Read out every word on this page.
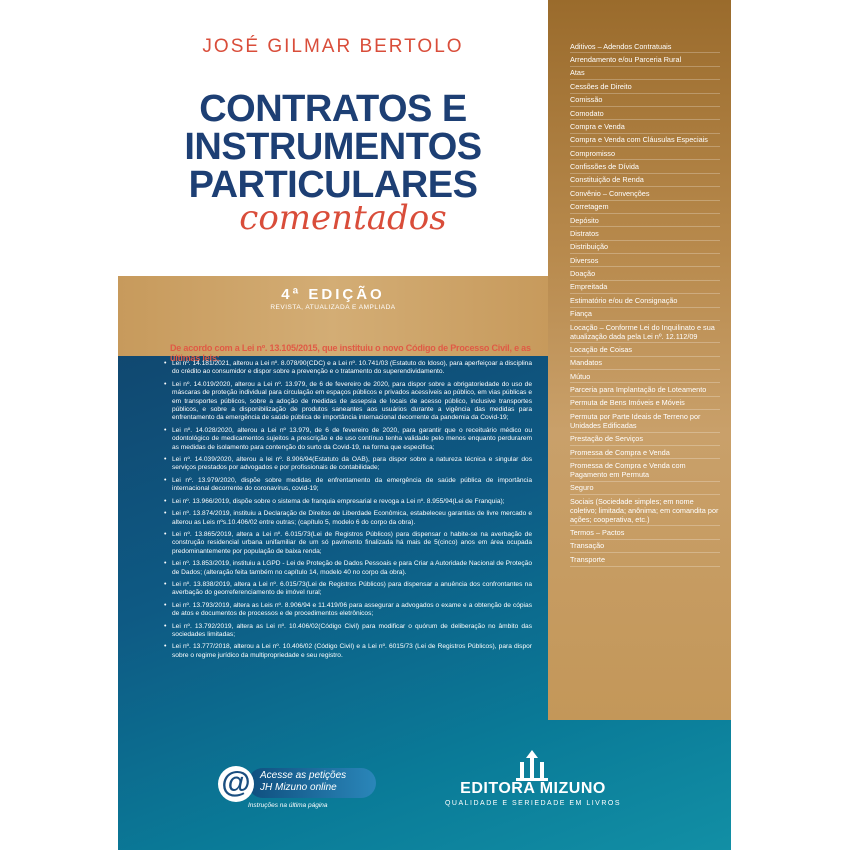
JOSÉ GILMAR BERTOLO
CONTRATOS E
INSTRUMENTOS
PARTICULARES
comentados
4ª EDIÇÃO
REVISTA, ATUALIZADA E AMPLIADA
Aditivos – Adendos Contratuais
Arrendamento e/ou Parceria Rural
Atas
Cessões de Direito
Comissão
Comodato
Compra e Venda
Compra e Venda com Cláusulas Especiais
Compromisso
Confissões de Dívida
Constituição de Renda
Convênio – Convenções
Corretagem
Depósito
Distratos
Distribuição
Diversos
Doação
Empreitada
Estimatório e/ou de Consignação
Fiança
Locação – Conforme Lei do Inquilinato e sua atualização dada pela Lei nº. 12.112/09
Locação de Coisas
Mandatos
Mútuo
Parceria para Implantação de Loteamento
Permuta de Bens Imóveis e Móveis
Permuta por Parte Ideais de Terreno por Unidades Edificadas
Prestação de Serviços
Promessa de Compra e Venda
Promessa de Compra e Venda com Pagamento em Permuta
Seguro
Sociais (Sociedade simples; em nome coletivo; limitada; anônima; em comandita por ações; cooperativa, etc.)
Termos – Pactos
Transação
Transporte
De acordo com a Lei nº. 13.105/2015, que instituiu o novo Código de Processo Civil, e as últimas leis:
• Lei nº. 14.181/2021, alterou a Lei nº. 8.078/90(CDC) e a Lei nº. 10.741/03 (Estatuto do Idoso), para aperfeiçoar a disciplina do crédito ao consumidor e dispor sobre a prevenção e o tratamento do superendividamento.
• Lei nº. 14.019/2020, alterou a Lei nº. 13.979, de 6 de fevereiro de 2020, para dispor sobre a obrigatoriedade do uso de máscaras de proteção individual para circulação em espaços públicos e privados acessíveis ao público, em vias públicas e em transportes públicos, sobre a adoção de medidas de assepsia de locais de acesso público, inclusive transportes públicos, e sobre a disponibilização de produtos saneantes aos usuários durante a vigência das medidas para enfrentamento da emergência de saúde pública de importância internacional decorrente da pandemia da Covid-19;
• Lei nº. 14.028/2020, alterou a Lei nº 13.979, de 6 de fevereiro de 2020, para garantir que o receituário médico ou odontológico de medicamentos sujeitos a prescrição e de uso contínuo tenha validade pelo menos enquanto perdurarem as medidas de isolamento para contenção do surto da Covid-19, na forma que especifica;
• Lei nº. 14.039/2020, alterou a lei nº. 8.906/94(Estatuto da OAB), para dispor sobre a natureza técnica e singular dos serviços prestados por advogados e por profissionais de contabilidade;
• Lei nº. 13.979/2020, dispõe sobre medidas de enfrentamento da emergência de saúde pública de importância internacional decorrente do coronavírus, covid-19;
• Lei nº. 13.966/2019, dispõe sobre o sistema de franquia empresarial e revoga a Lei nº. 8.955/94(Lei de Franquia);
• Lei nº. 13.874/2019, instituiu a Declaração de Direitos de Liberdade Econômica, estabeleceu garantias de livre mercado e alterou as Leis nºs.10.406/02 entre outras; (capítulo 5, modelo 6 do corpo da obra).
• Lei nº. 13.865/2019, altera a Lei nº. 6.015/73(Lei de Registros Públicos) para dispensar o habite-se na averbação de construção residencial urbana unifamiliar de um só pavimento finalizada há mais de 5(cinco) anos em área ocupada predominantemente por população de baixa renda;
• Lei nº. 13.853/2019, instituiu a LGPD - Lei de Proteção de Dados Pessoais e para Criar a Autoridade Nacional de Proteção de Dados; (alteração feita também no capítulo 14, modelo 40 no corpo da obra).
• Lei nº. 13.838/2019, altera a Lei nº. 6.015/73(Lei de Registros Públicos) para dispensar a anuência dos confrontantes na averbação do georreferenciamento de imóvel rural;
• Lei nº. 13.793/2019, altera as Leis nº. 8.906/94 e 11.419/06 para assegurar a advogados o exame e a obtenção de cópias de atos e documentos de processos e de procedimentos eletrônicos;
• Lei nº. 13.792/2019, altera as Lei nº. 10.406/02(Código Civil) para modificar o quórum de deliberação no âmbito das sociedades limitadas;
• Lei nº. 13.777/2018, alterou a Lei nº. 10.406/02 (Código Civil) e a Lei nº. 6015/73 (Lei de Registros Públicos), para dispor sobre o regime jurídico da multipropriedade e seu registro.
@ Acesse as petições
JH Mizuno online
Instruções na última página
EDITORA MIZUNO
QUALIDADE E SERIEDADE EM LIVROS
